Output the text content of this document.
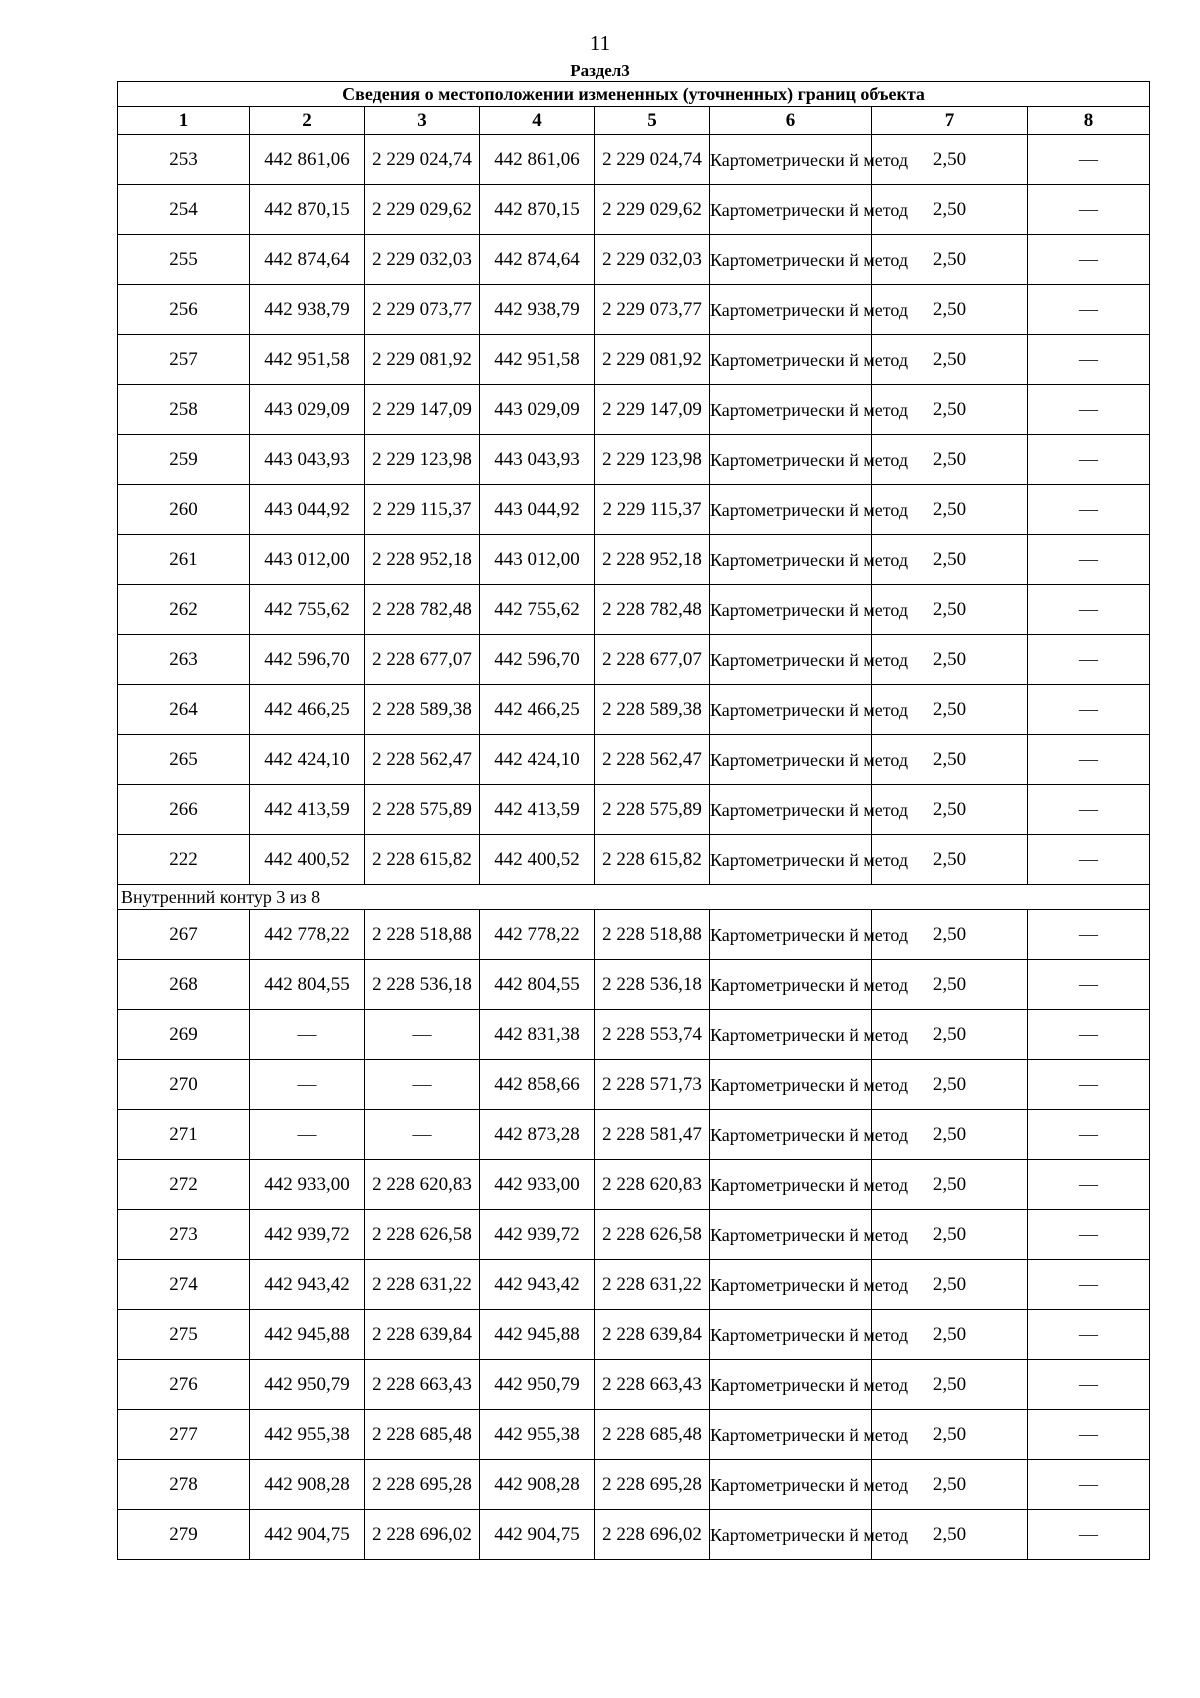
11
Раздел3
Сведения о местоположении измененных (уточненных) границ объекта							
1	2	3	4	5	6	7	8
253	442 861,06	2 229 024,74	442 861,06	2 229 024,74	Картометрически й метод	2,50	—
254	442 870,15	2 229 029,62	442 870,15	2 229 029,62	Картометрически й метод	2,50	—
255	442 874,64	2 229 032,03	442 874,64	2 229 032,03	Картометрически й метод	2,50	—
256	442 938,79	2 229 073,77	442 938,79	2 229 073,77	Картометрически й метод	2,50	—
257	442 951,58	2 229 081,92	442 951,58	2 229 081,92	Картометрически й метод	2,50	—
258	443 029,09	2 229 147,09	443 029,09	2 229 147,09	Картометрически й метод	2,50	—
259	443 043,93	2 229 123,98	443 043,93	2 229 123,98	Картометрически й метод	2,50	—
260	443 044,92	2 229 115,37	443 044,92	2 229 115,37	Картометрически й метод	2,50	—
261	443 012,00	2 228 952,18	443 012,00	2 228 952,18	Картометрически й метод	2,50	—
262	442 755,62	2 228 782,48	442 755,62	2 228 782,48	Картометрически й метод	2,50	—
263	442 596,70	2 228 677,07	442 596,70	2 228 677,07	Картометрически й метод	2,50	—
264	442 466,25	2 228 589,38	442 466,25	2 228 589,38	Картометрически й метод	2,50	—
265	442 424,10	2 228 562,47	442 424,10	2 228 562,47	Картометрически й метод	2,50	—
266	442 413,59	2 228 575,89	442 413,59	2 228 575,89	Картометрически й метод	2,50	—
222	442 400,52	2 228 615,82	442 400,52	2 228 615,82	Картометрически й метод	2,50	—
Внутренний контур 3 из 8							
267	442 778,22	2 228 518,88	442 778,22	2 228 518,88	Картометрически й метод	2,50	—
268	442 804,55	2 228 536,18	442 804,55	2 228 536,18	Картометрически й метод	2,50	—
269	—	—	442 831,38	2 228 553,74	Картометрически й метод	2,50	—
270	—	—	442 858,66	2 228 571,73	Картометрически й метод	2,50	—
271	—	—	442 873,28	2 228 581,47	Картометрически й метод	2,50	—
272	442 933,00	2 228 620,83	442 933,00	2 228 620,83	Картометрически й метод	2,50	—
273	442 939,72	2 228 626,58	442 939,72	2 228 626,58	Картометрически й метод	2,50	—
274	442 943,42	2 228 631,22	442 943,42	2 228 631,22	Картометрически й метод	2,50	—
275	442 945,88	2 228 639,84	442 945,88	2 228 639,84	Картометрически й метод	2,50	—
276	442 950,79	2 228 663,43	442 950,79	2 228 663,43	Картометрически й метод	2,50	—
277	442 955,38	2 228 685,48	442 955,38	2 228 685,48	Картометрически й метод	2,50	—
278	442 908,28	2 228 695,28	442 908,28	2 228 695,28	Картометрически й метод	2,50	—
279	442 904,75	2 228 696,02	442 904,75	2 228 696,02	Картометрически й метод	2,50	—
